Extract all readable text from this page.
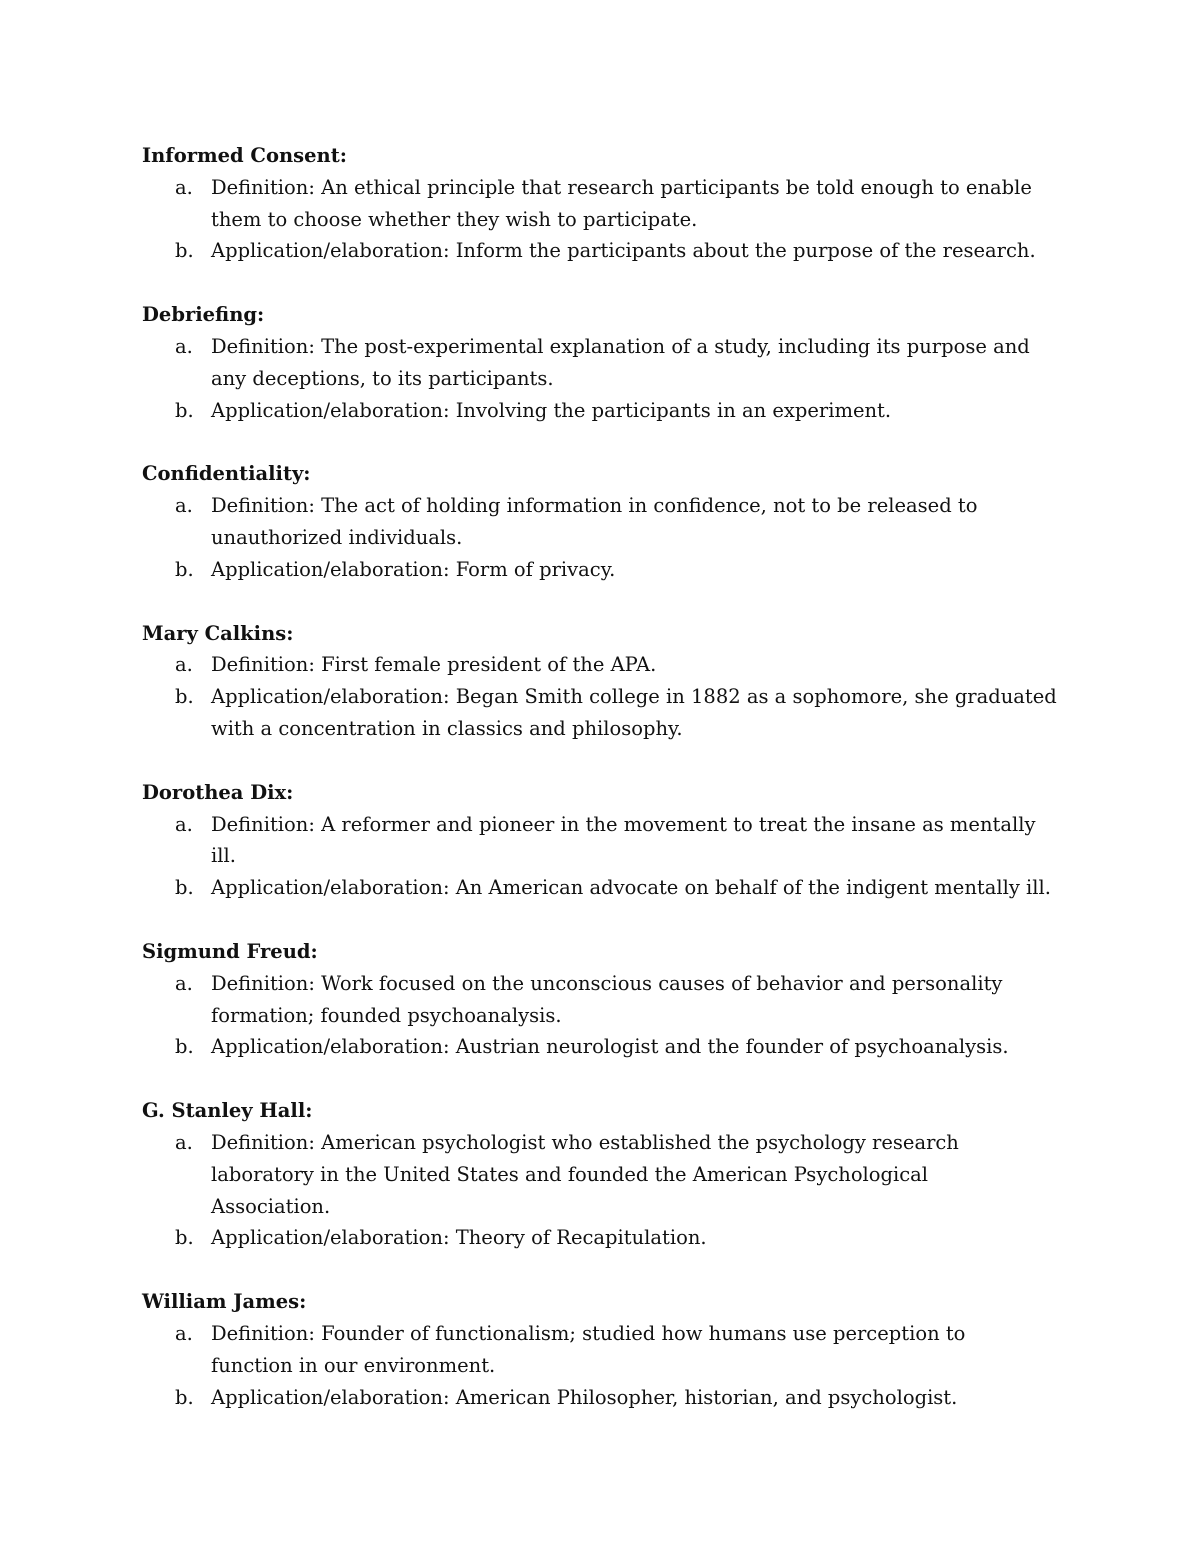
Informed Consent:
a. Definition: An ethical principle that research participants be told enough to enable
them to choose whether they wish to participate.
b. Application/elaboration: Inform the participants about the purpose of the research.
Debriefing:
a. Definition: The post-experimental explanation of a study, including its purpose and
any deceptions, to its participants.
b. Application/elaboration: Involving the participants in an experiment.
Confidentiality:
a. Definition: The act of holding information in confidence, not to be released to
unauthorized individuals.
b. Application/elaboration: Form of privacy.
Mary Calkins:
a. Definition: First female president of the APA.
b. Application/elaboration: Began Smith college in 1882 as a sophomore, she graduated
with a concentration in classics and philosophy.
Dorothea Dix:
a. Definition: A reformer and pioneer in the movement to treat the insane as mentally
ill.
b. Application/elaboration: An American advocate on behalf of the indigent mentally ill.
Sigmund Freud:
a. Definition: Work focused on the unconscious causes of behavior and personality
formation; founded psychoanalysis.
b. Application/elaboration: Austrian neurologist and the founder of psychoanalysis.
G. Stanley Hall:
a. Definition: American psychologist who established the psychology research
laboratory in the United States and founded the American Psychological
Association.
b. Application/elaboration: Theory of Recapitulation.
William James:
a. Definition: Founder of functionalism; studied how humans use perception to
function in our environment.
b. Application/elaboration: American Philosopher, historian, and psychologist.
